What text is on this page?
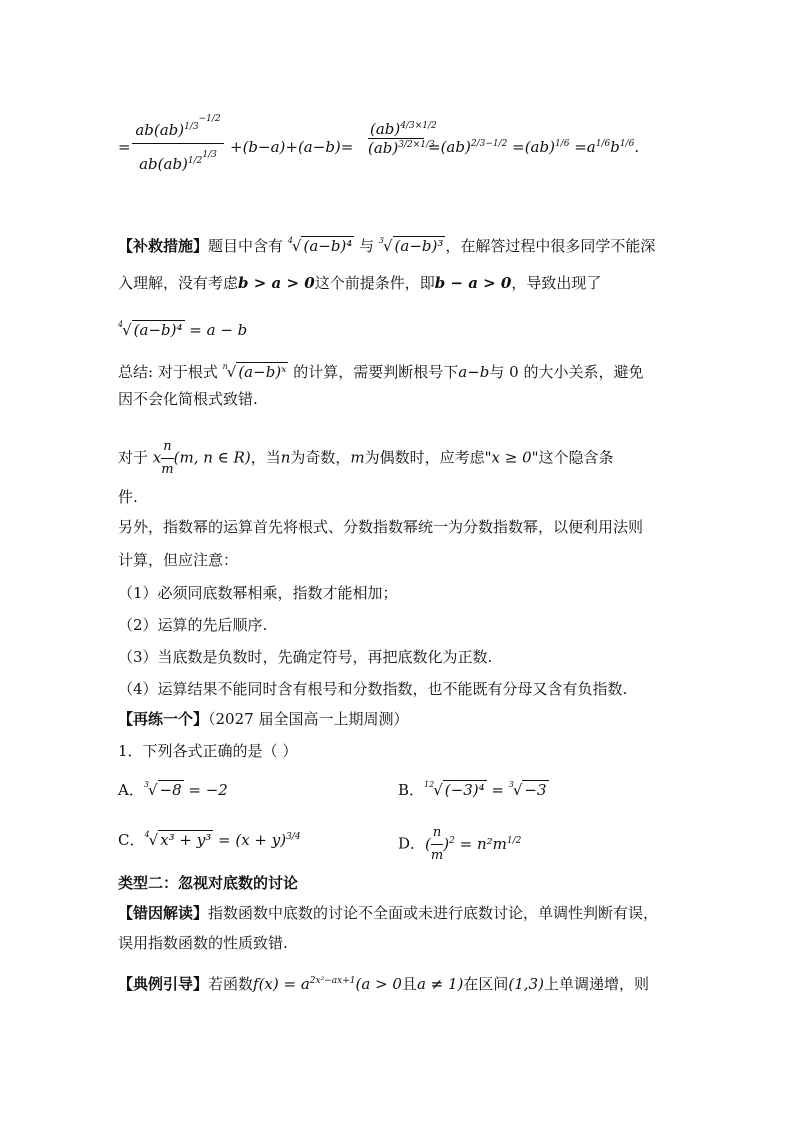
= $\frac{ab(ab)^{1/3-1/2}}{ab(ab)^{1/21/3}} +(b-a)+(a-b)= \frac{(ab)^{4/3\times 1/2}}{(ab)^{3/2\times 1/3}} =(ab)^{2/3-1/2} =(ab)^{1/6} =a^{1/6}b^{1/6}$.
【补救措施】题目中含有 $^4$√ (a−b)⁴ 与 $^3$√ (a−b)³ ，在解答过程中很多同学不能深
入理解，没有考虑b > a > 0这个前提条件，即b − a > 0，导致出现了
$^4$√ (a−b)⁴ = a − b
总结: 对于根式 $^n$√ (a−b)ˣ 的计算，需要判断根号下a−b与 0 的大小关系，避免
因不会化简根式致错.
对于 x $\frac{n}{m} (m$, n ∈ R)，当n为奇数，m为偶数时，应考虑"x ≥ 0"这个隐含条
件.
另外，指数幂的运算首先将根式、分数指数幂统一为分数指数幂，以便利用法则
计算，但应注意：
（1）必须同底数幂相乘，指数才能相加；
（2）运算的先后顺序.
（3）当底数是负数时，先确定符号，再把底数化为正数.
（4）运算结果不能同时含有根号和分数指数，也不能既有分母又含有负指数.
【再练一个】（2027 届全国高一上期周测）
1．下列各式正确的是（ ）
A．$^3$√ −8 = −2	B．$^{12}$√ (−3)⁴ = $^3$√ −3
C．$^4$√ $x^3 + y^3 = (x + y)^{3/4}$	D．( $\frac{n}{m} )^2 = n^2m^{1/2}$
类型二：忽视对底数的讨论
【错因解读】指数函数中底数的讨论不全面或未进行底数讨论，单调性判断有误，
误用指数函数的性质致错.
【典例引导】若函数$f(x) = a^{2x^2-ax+1}(a > 0$且a ≠ 1)在区间(1,3)上单调递增，则
